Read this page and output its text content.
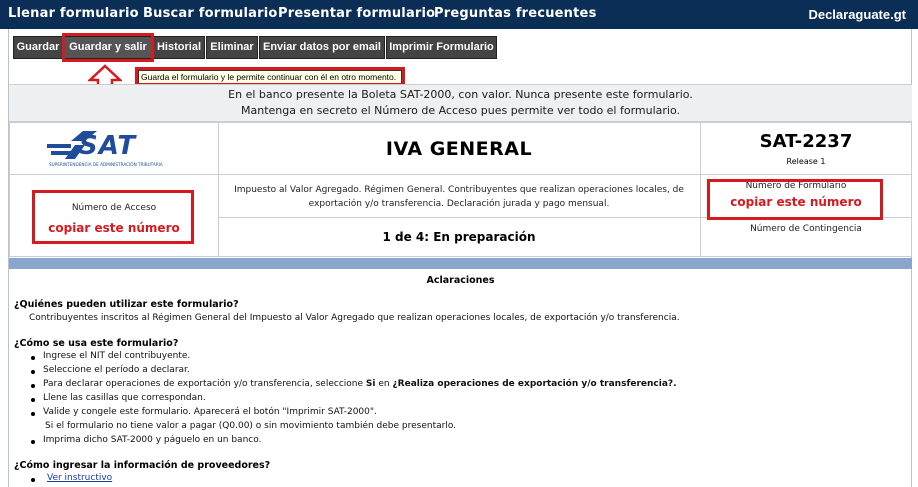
Llenar formulario Buscar formulario Presentar formulario
Preguntas frecuentes	Declaraguate.gt
Guardar Guardar y salir Historial Eliminar Enviar datos por email Imprimir Formulario
Guarda el formulario y le permite continuar con él en otro momento.
En el banco presente la Boleta SAT-2000, con valor. Nunca presente este formulario.
Mantenga en secreto el Número de Acceso pues permite ver todo el formulario.
SAT
SUPERINTENDENCIA DE ADMINISTRACIÓN TRIBUTARIA
IVA GENERAL	SAT-2237
Release 1
Impuesto al Valor Agregado. Régimen General. Contribuyentes que realizan operaciones locales, de exportación y/o transferencia. Declaración jurada y pago mensual.
1 de 4: En preparación
Número de Acceso
copiar este número
Número de Formulario
copiar este número
Número de Contingencia
Aclaraciones
¿Quiénes pueden utilizar este formulario?
Contribuyentes inscritos al Régimen General del Impuesto al Valor Agregado que realizan operaciones locales, de exportación y/o transferencia.
¿Cómo se usa este formulario?
Ingrese el NIT del contribuyente.
Seleccione el período a declarar.
Para declarar operaciones de exportación y/o transferencia, seleccione Si en ¿Realiza operaciones de exportación y/o transferencia?.
Llene las casillas que correspondan.
Valide y congele este formulario. Aparecerá el botón "Imprimir SAT-2000".
Si el formulario no tiene valor a pagar (Q0.00) o sin movimiento también debe presentarlo.
Imprima dicho SAT-2000 y páguelo en un banco.
¿Cómo ingresar la información de proveedores?
Ver instructivo
